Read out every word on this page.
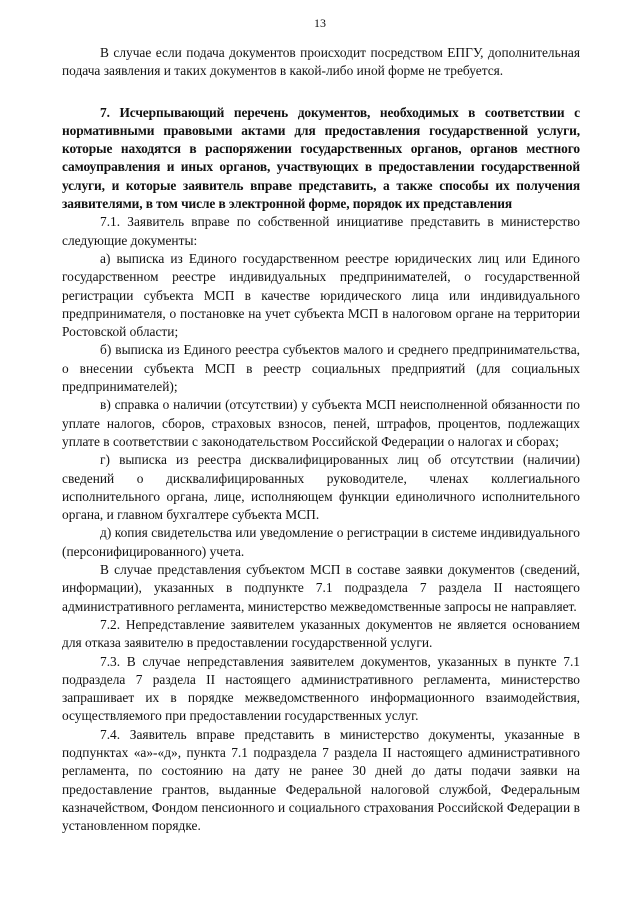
13

В случае если подача документов происходит посредством ЕПГУ, дополнительная подача заявления и таких документов в какой-либо иной форме не требуется.

7. Исчерпывающий перечень документов, необходимых в соответствии с нормативными правовыми актами для предоставления государственной услуги, которые находятся в распоряжении государственных органов, органов местного самоуправления и иных органов, участвующих в предоставлении государственной услуги, и которые заявитель вправе представить, а также способы их получения заявителями, в том числе в электронной форме, порядок их представления

7.1. Заявитель вправе по собственной инициативе представить в министерство следующие документы:

а) выписка из Единого государственном реестре юридических лиц или Единого государственном реестре индивидуальных предпринимателей, о государственной регистрации субъекта МСП в качестве юридического лица или индивидуального предпринимателя, о постановке на учет субъекта МСП в налоговом органе на территории Ростовской области;

б) выписка из Единого реестра субъектов малого и среднего предпринимательства, о внесении субъекта МСП в реестр социальных предприятий (для социальных предпринимателей);

в) справка о наличии (отсутствии) у субъекта МСП неисполненной обязанности по уплате налогов, сборов, страховых взносов, пеней, штрафов, процентов, подлежащих уплате в соответствии с законодательством Российской Федерации о налогах и сборах;

г) выписка из реестра дисквалифицированных лиц об отсутствии (наличии) сведений о дисквалифицированных руководителе, членах коллегиального исполнительного органа, лице, исполняющем функции единоличного исполнительного органа, и главном бухгалтере субъекта МСП.

д) копия свидетельства или уведомление о регистрации в системе индивидуального (персонифицированного) учета.

В случае представления субъектом МСП в составе заявки документов (сведений, информации), указанных в подпункте 7.1 подраздела 7 раздела II настоящего административного регламента, министерство межведомственные запросы не направляет.

7.2. Непредставление заявителем указанных документов не является основанием для отказа заявителю в предоставлении государственной услуги.

7.3. В случае непредставления заявителем документов, указанных в пункте 7.1 подраздела 7 раздела II настоящего административного регламента, министерство запрашивает их в порядке межведомственного информационного взаимодействия, осуществляемого при предоставлении государственных услуг.

7.4. Заявитель вправе представить в министерство документы, указанные в подпунктах «а»-«д», пункта 7.1 подраздела 7 раздела II настоящего административного регламента, по состоянию на дату не ранее 30 дней до даты подачи заявки на предоставление грантов, выданные Федеральной налоговой службой, Федеральным казначейством, Фондом пенсионного и социального страхования Российской Федерации в установленном порядке.
